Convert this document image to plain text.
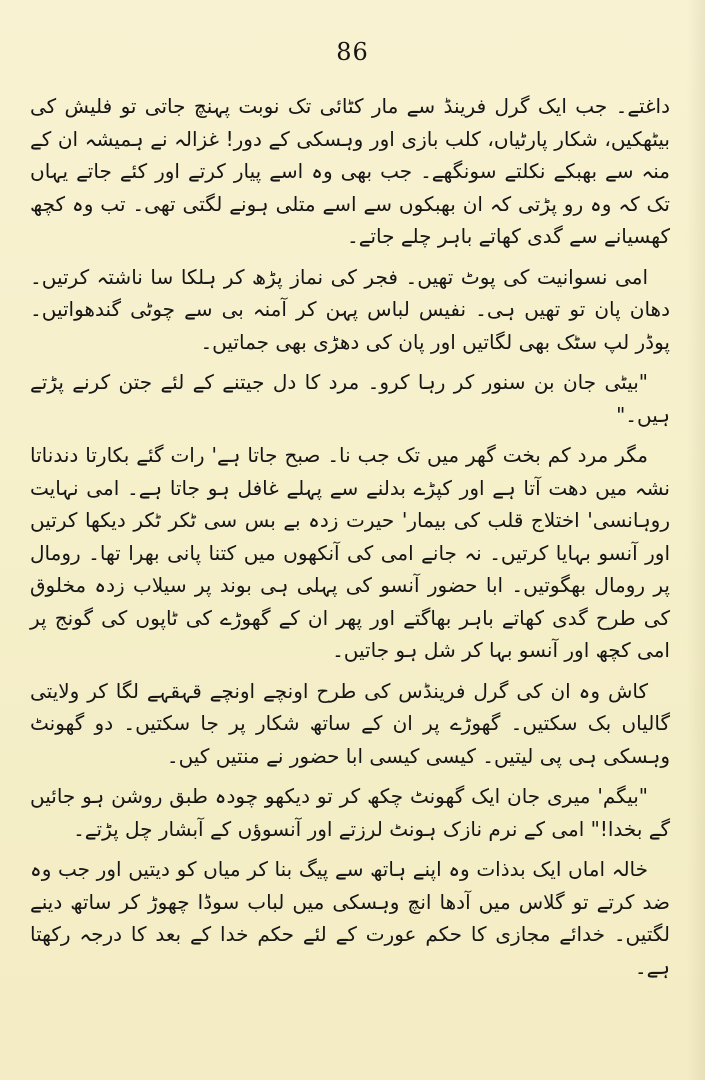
86

داغتے۔ جب ایک گرل فرینڈ سے مار کٹائی تک نوبت پہنچ جاتی تو فلیش کی بیٹھکیں، شکار پارٹیاں، کلب بازی اور وہسکی کے دور! غزالہ نے ہمیشہ ان کے منہ سے بھبکے نکلتے سونگھے۔ جب بھی وہ اسے پیار کرتے اور کئے جاتے یہاں تک کہ وہ رو پڑتی کہ ان بھبکوں سے اسے متلی ہونے لگتی تھی۔ تب وہ کچھ کھسیانے سے گدی کھاتے باہر چلے جاتے۔

امی نسوانیت کی پوٹ تھیں۔ فجر کی نماز پڑھ کر ہلکا سا ناشتہ کرتیں۔ دھان پان تو تھیں ہی۔ نفیس لباس پہن کر آمنہ بی سے چوٹی گندھواتیں۔ پوڈر لپ سٹک بھی لگاتیں اور پان کی دھڑی بھی جماتیں۔

"بیٹی جان بن سنور کر رہا کرو۔ مرد کا دل جیتنے کے لئے جتن کرنے پڑتے ہیں۔"

مگر مرد کم بخت گھر میں تک جب نا۔ صبح جاتا ہے' رات گئے بکارتا دندناتا نشہ میں دھت آتا ہے اور کپڑے بدلنے سے پہلے غافل ہو جاتا ہے۔ امی نہایت روہانسی' اختلاج قلب کی بیمار' حیرت زدہ بے بس سی ٹکر ٹکر دیکھا کرتیں اور آنسو بہایا کرتیں۔ نہ جانے امی کی آنکھوں میں کتنا پانی بھرا تھا۔ رومال پر رومال بھگوتیں۔ ابا حضور آنسو کی پہلی ہی بوند پر سیلاب زدہ مخلوق کی طرح گدی کھاتے باہر بھاگتے اور پھر ان کے گھوڑے کی ٹاپوں کی گونج پر امی کچھ اور آنسو بہا کر شل ہو جاتیں۔

کاش وہ ان کی گرل فرینڈس کی طرح اونچے اونچے قہقہے لگا کر ولایتی گالیاں بک سکتیں۔ گھوڑے پر ان کے ساتھ شکار پر جا سکتیں۔ دو گھونٹ وہسکی ہی پی لیتیں۔ کیسی کیسی ابا حضور نے منتیں کیں۔

"بیگم' میری جان ایک گھونٹ چکھ کر تو دیکھو چودہ طبق روشن ہو جائیں گے بخدا!" امی کے نرم نازک ہونٹ لرزتے اور آنسوؤں کے آبشار چل پڑتے۔

خالہ اماں ایک بدذات وہ اپنے ہاتھ سے پیگ بنا کر میاں کو دیتیں اور جب وہ ضد کرتے تو گلاس میں آدھا انچ وہسکی میں لباب سوڈا چھوڑ کر ساتھ دینے لگتیں۔ خدائے مجازی کا حکم عورت کے لئے حکم خدا کے بعد کا درجہ رکھتا ہے۔
